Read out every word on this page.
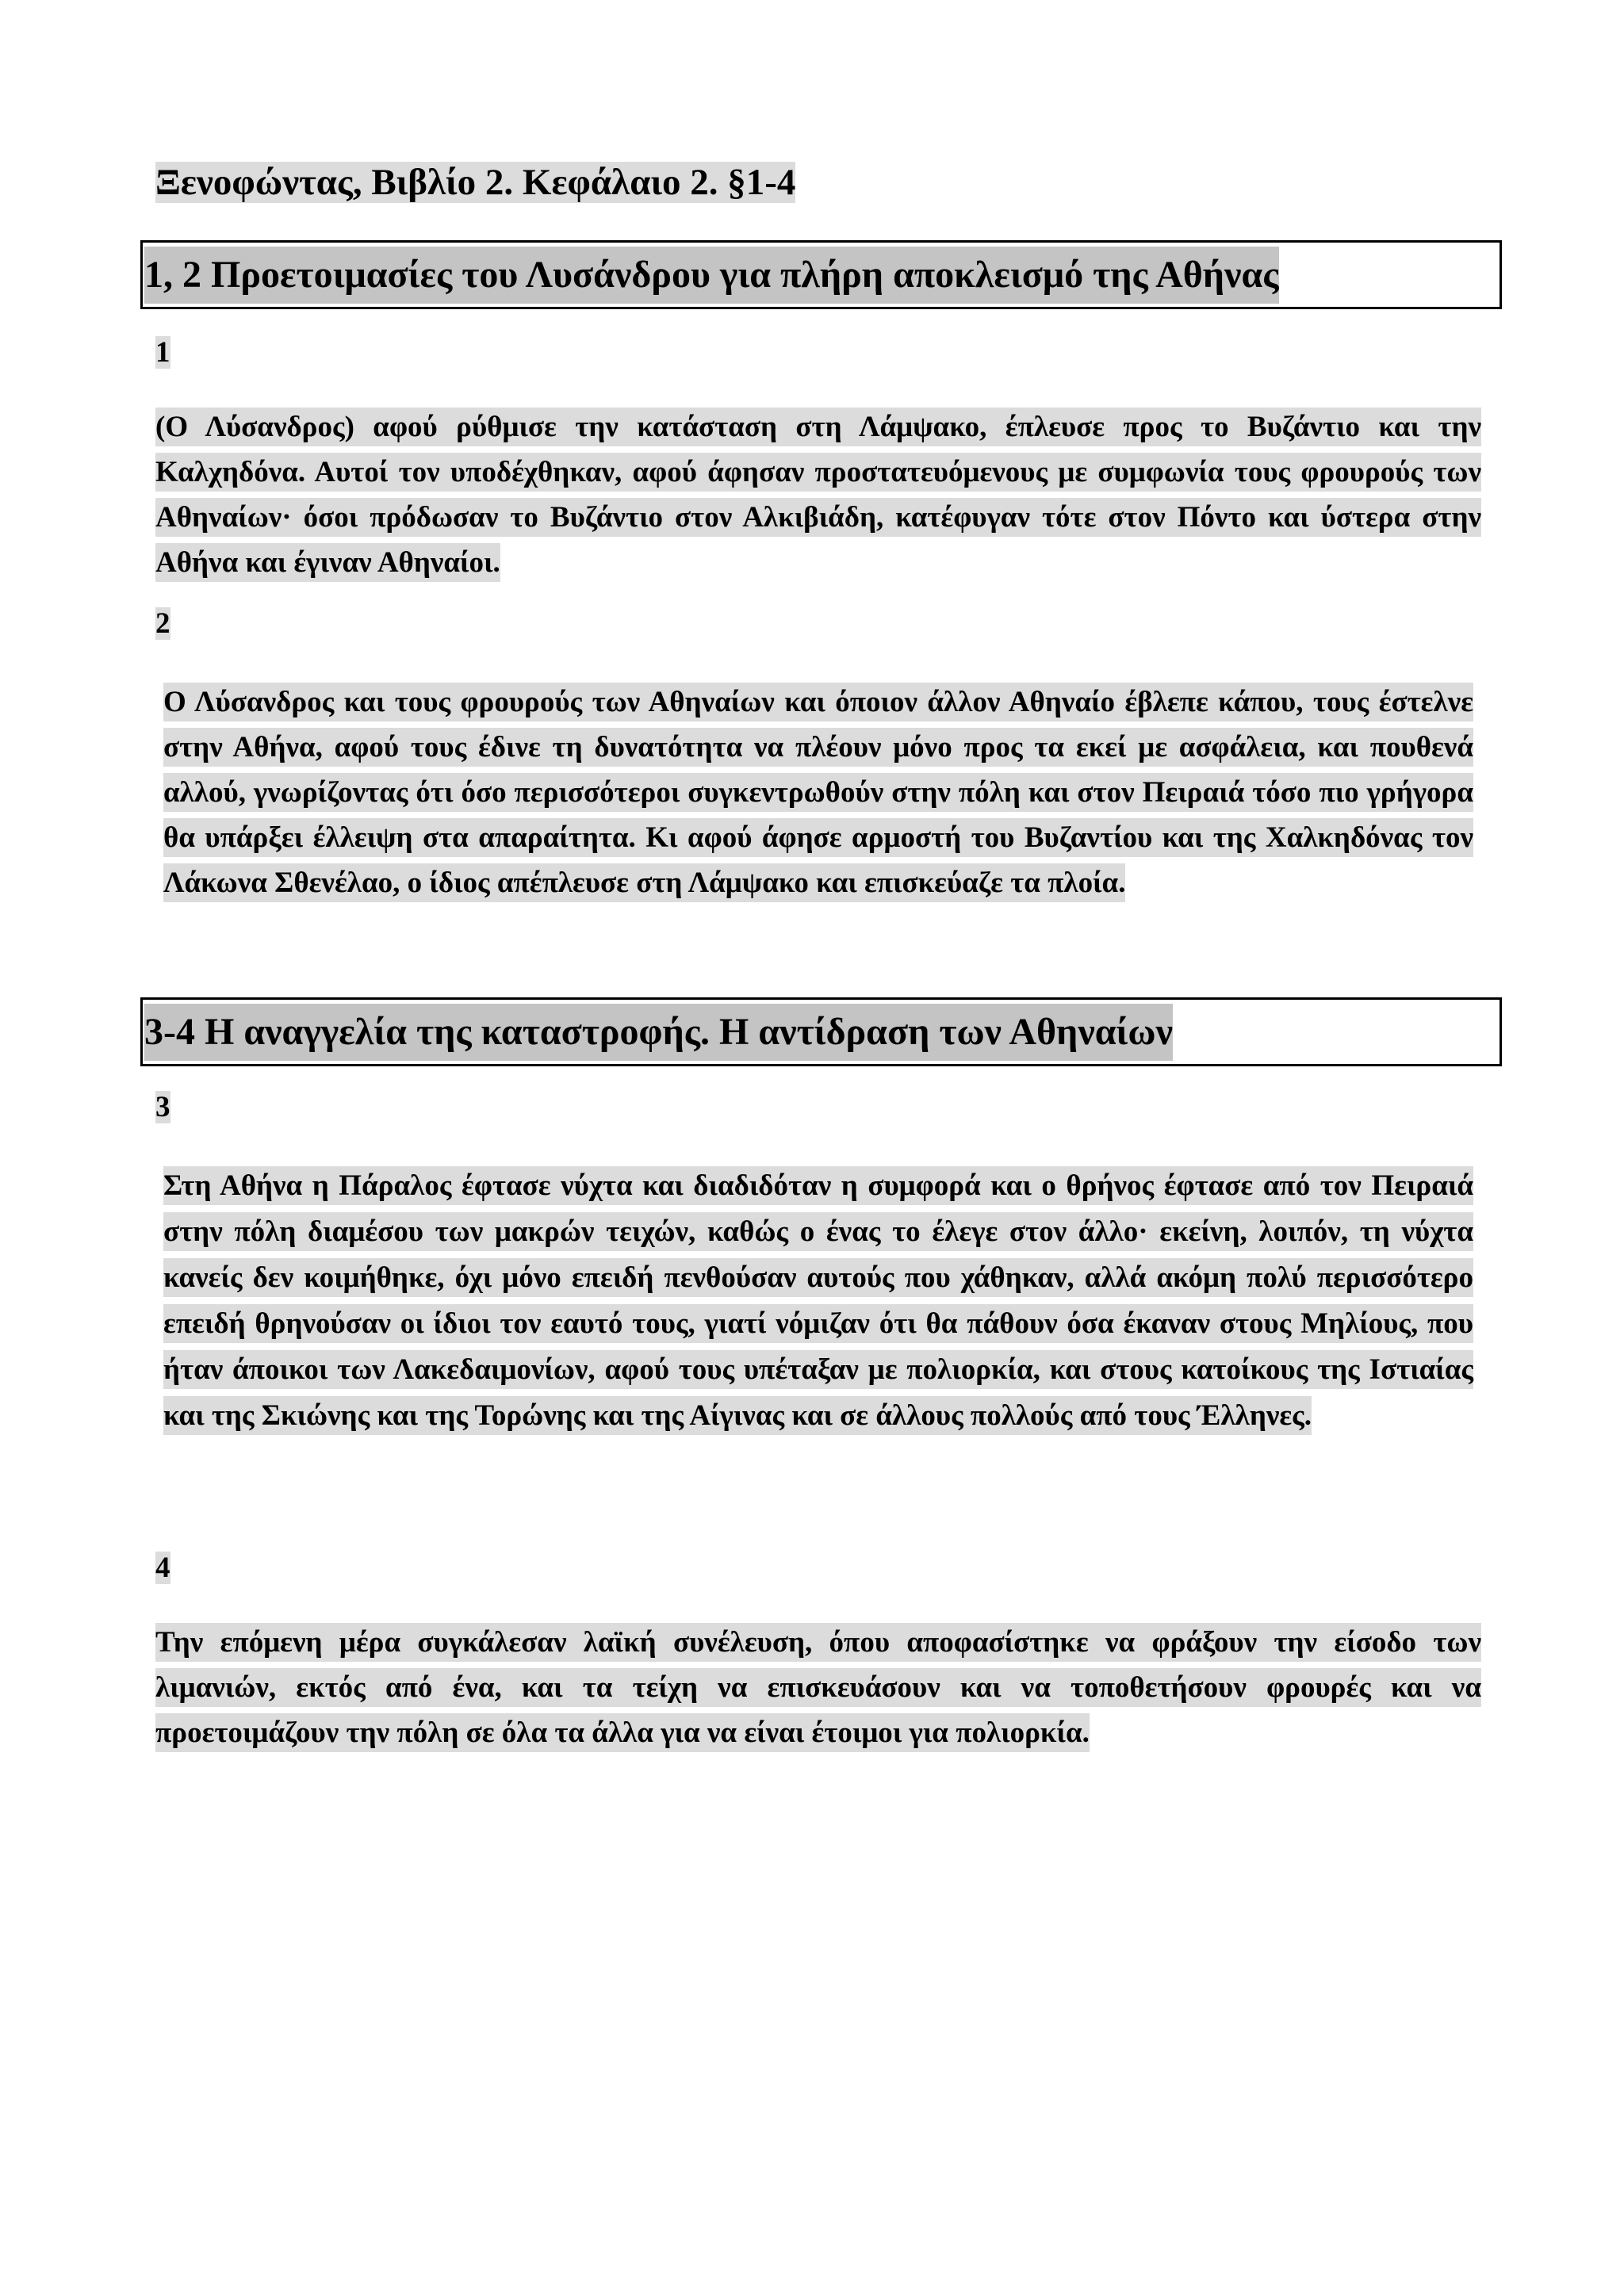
Ξενοφώντας, Βιβλίο 2. Κεφάλαιο 2. §1-4
1, 2 Προετοιμασίες του Λυσάνδρου για πλήρη αποκλεισμό της Αθήνας
1
(Ο Λύσανδρος) αφού ρύθμισε την κατάσταση στη Λάμψακο, έπλευσε προς το Βυζάντιο και την Καλχηδόνα. Αυτοί τον υποδέχθηκαν, αφού άφησαν προστατευόμενους με συμφωνία τους φρουρούς των Αθηναίων· όσοι πρόδωσαν το Βυζάντιο στον Αλκιβιάδη, κατέφυγαν τότε στον Πόντο και ύστερα στην Αθήνα και έγιναν Αθηναίοι.
2
Ο Λύσανδρος και τους φρουρούς των Αθηναίων και όποιον άλλον Αθηναίο έβλεπε κάπου, τους έστελνε στην Αθήνα, αφού τους έδινε τη δυνατότητα να πλέουν μόνο προς τα εκεί με ασφάλεια, και πουθενά αλλού, γνωρίζοντας ότι όσο περισσότεροι συγκεντρωθούν στην πόλη και στον Πειραιά τόσο πιο γρήγορα θα υπάρξει έλλειψη στα απαραίτητα. Κι αφού άφησε αρμοστή του Βυζαντίου και της Χαλκηδόνας τον Λάκωνα Σθενέλαο, ο ίδιος απέπλευσε στη Λάμψακο και επισκεύαζε τα πλοία.
3-4 Η αναγγελία της καταστροφής. Η αντίδραση των Αθηναίων
3
Στη Αθήνα η Πάραλος έφτασε νύχτα και διαδιδόταν η συμφορά και ο θρήνος έφτασε από τον Πειραιά στην πόλη διαμέσου των μακρών τειχών, καθώς ο ένας το έλεγε στον άλλο· εκείνη, λοιπόν, τη νύχτα κανείς δεν κοιμήθηκε, όχι μόνο επειδή πενθούσαν αυτούς που χάθηκαν, αλλά ακόμη πολύ περισσότερο επειδή θρηνούσαν οι ίδιοι τον εαυτό τους, γιατί νόμιζαν ότι θα πάθουν όσα έκαναν στους Μηλίους, που ήταν άποικοι των Λακεδαιμονίων, αφού τους υπέταξαν με πολιορκία, και στους κατοίκους της Ιστιαίας και της Σκιώνης και της Τορώνης και της Αίγινας και σε άλλους πολλούς από τους Έλληνες.
4
Την επόμενη μέρα συγκάλεσαν λαϊκή συνέλευση, όπου αποφασίστηκε να φράξουν την είσοδο των λιμανιών, εκτός από ένα, και τα τείχη να επισκευάσουν και να τοποθετήσουν φρουρές και να προετοιμάζουν την πόλη σε όλα τα άλλα για να είναι έτοιμοι για πολιορκία.
